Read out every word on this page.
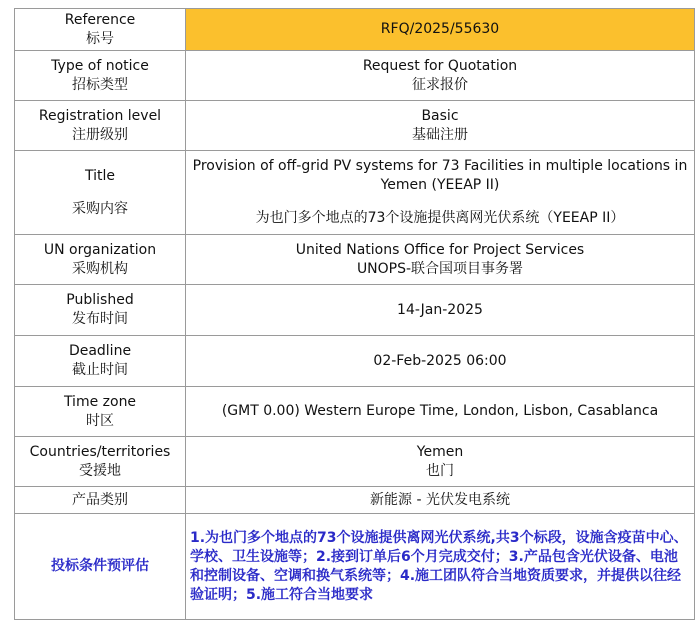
Reference
标号	RFQ/2025/55630

Type of notice
招标类型	Request for Quotation
征求报价

Registration level
注册级别	Basic
基础注册

Title
采购内容	Provision of off-grid PV systems for 73 Facilities in multiple locations in Yemen (YEEAP II)
为也门多个地点的73个设施提供离网光伏系统（YEEAP II）

UN organization
采购机构	United Nations Office for Project Services
UNOPS-联合国项目事务署

Published
发布时间	14-Jan-2025

Deadline
截止时间	02-Feb-2025 06:00

Time zone
时区	(GMT 0.00) Western Europe Time, London, Lisbon, Casablanca

Countries/territories
受援地	Yemen
也门

产品类别	新能源 - 光伏发电系统

投标条件预评估	1.为也门多个地点的73个设施提供离网光伏系统,共3个标段，设施含疫苗中心、学校、卫生设施等；2.接到订单后6个月完成交付；3.产品包含光伏设备、电池和控制设备、空调和换气系统等；4.施工团队符合当地资质要求，并提供以往经验证明；5.施工符合当地要求
